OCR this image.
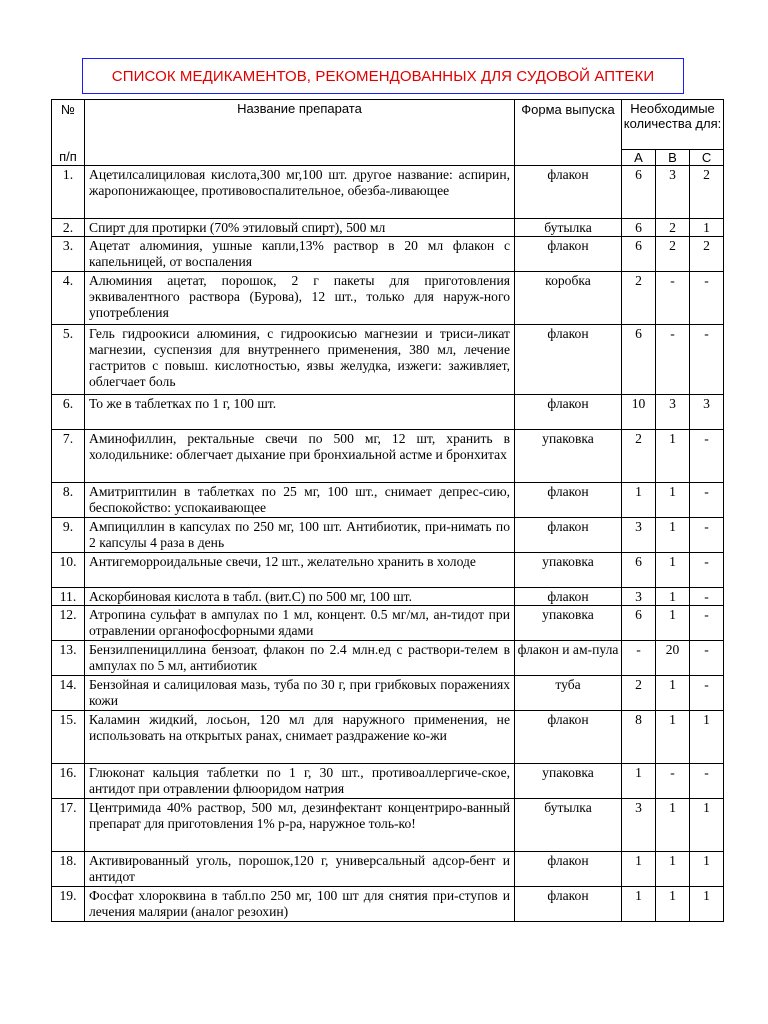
СПИСОК МЕДИКАМЕНТОВ, РЕКОМЕНДОВАННЫХ ДЛЯ СУДОВОЙ АПТЕКИ
№
п/п	Название препарата	Форма выпуска	Необходимые количества для:		
			A	B	C
1.	Ацетилсалициловая кислота,300 мг,100 шт. другое название: аспирин, жаропонижающее, противовоспалительное, обезба-ливающее	флакон	6	3	2
2.	Спирт для протирки (70% этиловый спирт), 500 мл	бутылка	6	2	1
3.	Ацетат алюминия, ушные капли,13% раствор в 20 мл флакон с капельницей, от воспаления	флакон	6	2	2
4.	Алюминия ацетат, порошок, 2 г пакеты для приготовления эквивалентного раствора (Бурова), 12 шт., только для наруж-ного употребления	коробка	2	-	-
5.	Гель гидроокиси алюминия, с гидроокисью магнезии и триси-ликат магнезии, суспензия для внутреннего применения, 380 мл, лечение гастритов с повыш. кислотностью, язвы желудка, изжеги: заживляет, облегчает боль	флакон	6	-	-
6.	То же в таблетках по 1 г, 100 шт.	флакон	10	3	3
7.	Аминофиллин, ректальные свечи по 500 мг, 12 шт, хранить в холодильнике: облегчает дыхание при бронхиальной астме и бронхитах	упаковка	2	1	-
8.	Амитриптилин в таблетках по 25 мг, 100 шт., снимает депрес-сию, беспокойство: успокаивающее	флакон	1	1	-
9.	Ампициллин в капсулах по 250 мг, 100 шт. Антибиотик, при-нимать по 2 капсулы 4 раза в день	флакон	3	1	-
10.	Антигеморроидальные свечи, 12 шт., желательно хранить в холоде	упаковка	6	1	-
11.	Аскорбиновая кислота в табл. (вит.С) по 500 мг, 100 шт.	флакон	3	1	-
12.	Атропина сульфат в ампулах по 1 мл, концент. 0.5 мг/мл, ан-тидот при отравлении органофосфорными ядами	упаковка	6	1	-
13.	Бензилпенициллина бензоат, флакон по 2.4 млн.ед с раствори-телем в ампулах по 5 мл, антибиотик	флакон и ам-пула	-	20	-
14.	Бензойная и салициловая мазь, туба по 30 г, при грибковых поражениях кожи	туба	2	1	-
15.	Каламин жидкий, лосьон, 120 мл для наружного применения, не использовать на открытых ранах, снимает раздражение ко-жи	флакон	8	1	1
16.	Глюконат кальция таблетки по 1 г, 30 шт., противоаллергиче-ское, антидот при отравлении флюоридом натрия	упаковка	1	-	-
17.	Центримида 40% раствор, 500 мл, дезинфектант концентриро-ванный препарат для приготовления 1% р-ра, наружное толь-ко!	бутылка	3	1	1
18.	Активированный уголь, порошок,120 г, универсальный адсор-бент и антидот	флакон	1	1	1
19.	Фосфат хлороквина в табл.по 250 мг, 100 шт для снятия при-ступов и лечения малярии (аналог резохин)	флакон	1	1	1
